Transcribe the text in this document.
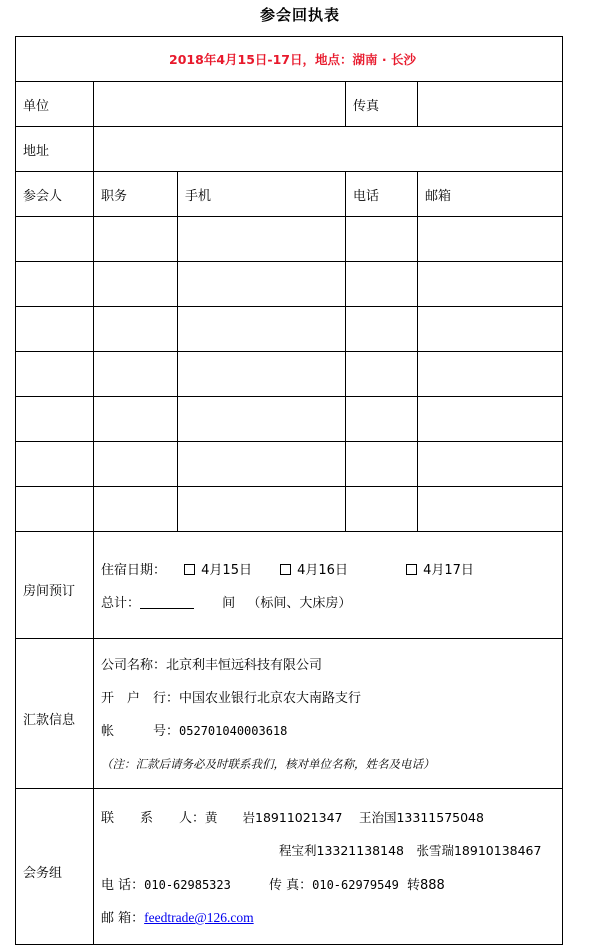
参会回执表
2018年4月15日-17日，地点：湖南 · 长沙				
单位			传真	
地址				
参会人	职务	手机	电话	邮箱

房间预订	住宿日期： 4月15日 4月16日 4月17日
总计： 间 （标间、大床房）			

汇款信息	公司名称：北京利丰恒远科技有限公司
开　户　行：中国农业银行北京农大南路支行
帐　　　号：052701040003618
（注：汇款后请务必及时联系我们，核对单位名称，姓名及电话）			

会务组	联　　系　　人：黄　　岩18911021347　 王治国13311575048
程宝利13321138148　张雪瑞18910138467
电 话：010-62985323 传 真：010-62979549 转888
邮 箱：feedtrade@126.com			
